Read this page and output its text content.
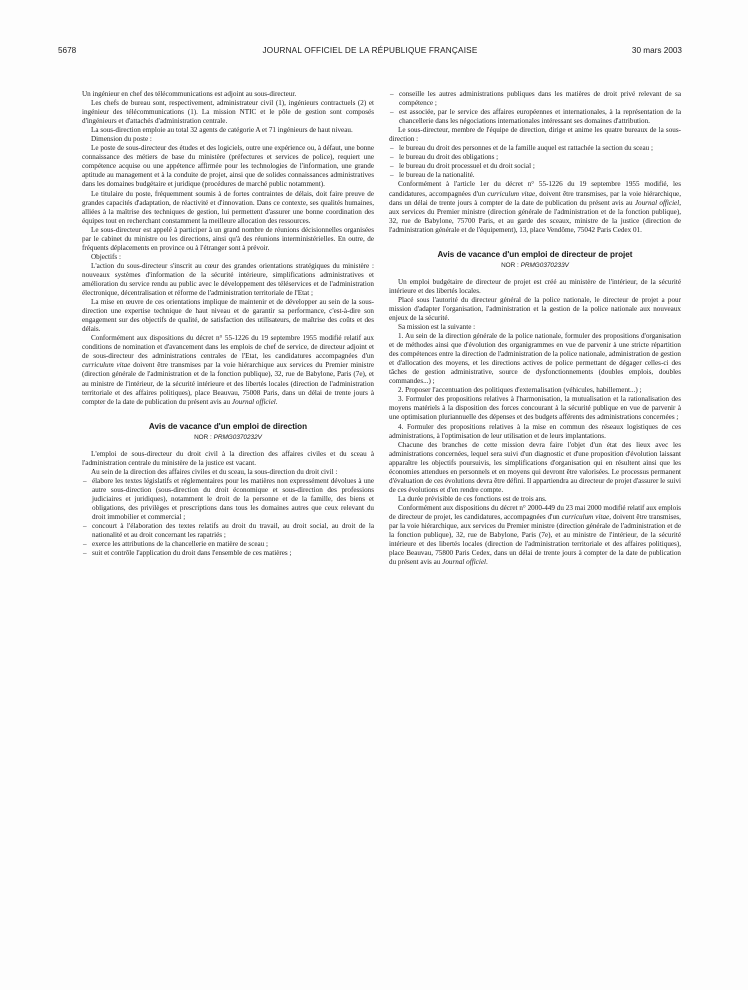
5678	JOURNAL OFFICIEL DE LA RÉPUBLIQUE FRANÇAISE	30 mars 2003

Un ingénieur en chef des télécommunications est adjoint au sous-directeur.

Les chefs de bureau sont, respectivement, administrateur civil (1), ingénieurs contractuels (2) et ingénieur des télécommunications (1). La mission NTIC et le pôle de gestion sont composés d'ingénieurs et d'attachés d'administration centrale.

La sous-direction emploie au total 32 agents de catégorie A et 71 ingénieurs de haut niveau.

Dimension du poste :

Le poste de sous-directeur des études et des logiciels, outre une expérience ou, à défaut, une bonne connaissance des métiers de base du ministère (préfectures et services de police), requiert une compétence acquise ou une appétence affirmée pour les technologies de l'information, une grande aptitude au management et à la conduite de projet, ainsi que de solides connaissances administratives dans les domaines budgétaire et juridique (procédures de marché public notamment).

Le titulaire du poste, fréquemment soumis à de fortes contraintes de délais, doit faire preuve de grandes capacités d'adaptation, de réactivité et d'innovation. Dans ce contexte, ses qualités humaines, alliées à la maîtrise des techniques de gestion, lui permettent d'assurer une bonne coordination des équipes tout en recherchant constamment la meilleure allocation des ressources.

Le sous-directeur est appelé à participer à un grand nombre de réunions décisionnelles organisées par le cabinet du ministre ou les directions, ainsi qu'à des réunions interministérielles. En outre, de fréquents déplacements en province ou à l'étranger sont à prévoir.

Objectifs :

L'action du sous-directeur s'inscrit au cœur des grandes orientations stratégiques du ministère : nouveaux systèmes d'information de la sécurité intérieure, simplifications administratives et amélioration du service rendu au public avec le développement des téléservices et de l'administration électronique, décentralisation et réforme de l'administration territoriale de l'Etat ;

La mise en œuvre de ces orientations implique de maintenir et de développer au sein de la sous-direction une expertise technique de haut niveau et de garantir sa performance, c'est-à-dire son engagement sur des objectifs de qualité, de satisfaction des utilisateurs, de maîtrise des coûts et des délais.

Conformément aux dispositions du décret n° 55-1226 du 19 septembre 1955 modifié relatif aux conditions de nomination et d'avancement dans les emplois de chef de service, de directeur adjoint et de sous-directeur des administrations centrales de l'Etat, les candidatures accompagnées d'un curriculum vitae doivent être transmises par la voie hiérarchique aux services du Premier ministre (direction générale de l'administration et de la fonction publique), 32, rue de Babylone, Paris (7e), et au ministre de l'intérieur, de la sécurité intérieure et des libertés locales (direction de l'administration territoriale et des affaires politiques), place Beauvau, 75008 Paris, dans un délai de trente jours à compter de la date de publication du présent avis au Journal officiel.

Avis de vacance d'un emploi de direction

NOR : PRMG0370232V

L'emploi de sous-directeur du droit civil à la direction des affaires civiles et du sceau à l'administration centrale du ministère de la justice est vacant.

Au sein de la direction des affaires civiles et du sceau, la sous-direction du droit civil :

– élabore les textes législatifs et réglementaires pour les matières non expressément dévolues à une autre sous-direction (sous-direction du droit économique et sous-direction des professions judiciaires et juridiques), notamment le droit de la personne et de la famille, des biens et obligations, des privilèges et prescriptions dans tous les domaines autres que ceux relevant du droit immobilier et commercial ;
– concourt à l'élaboration des textes relatifs au droit du travail, au droit social, au droit de la nationalité et au droit concernant les rapatriés ;
– exerce les attributions de la chancellerie en matière de sceau ;
– suit et contrôle l'application du droit dans l'ensemble de ces matières ;
– conseille les autres administrations publiques dans les matières de droit privé relevant de sa compétence ;
– est associée, par le service des affaires européennes et internationales, à la représentation de la chancellerie dans les négociations internationales intéressant ses domaines d'attribution.

Le sous-directeur, membre de l'équipe de direction, dirige et anime les quatre bureaux de la sous-direction :

– le bureau du droit des personnes et de la famille auquel est rattachée la section du sceau ;
– le bureau du droit des obligations ;
– le bureau du droit processuel et du droit social ;
– le bureau de la nationalité.

Conformément à l'article 1er du décret n° 55-1226 du 19 septembre 1955 modifié, les candidatures, accompagnées d'un curriculum vitae, doivent être transmises, par la voie hiérarchique, dans un délai de trente jours à compter de la date de publication du présent avis au Journal officiel, aux services du Premier ministre (direction générale de l'administration et de la fonction publique), 32, rue de Babylone, 75700 Paris, et au garde des sceaux, ministre de la justice (direction de l'administration générale et de l'équipement), 13, place Vendôme, 75042 Paris Cedex 01.

Avis de vacance d'un emploi de directeur de projet

NOR : PRMG0370233V

Un emploi budgétaire de directeur de projet est créé au ministère de l'intérieur, de la sécurité intérieure et des libertés locales.

Placé sous l'autorité du directeur général de la police nationale, le directeur de projet a pour mission d'adapter l'organisation, l'administration et la gestion de la police nationale aux nouveaux enjeux de la sécurité.

Sa mission est la suivante :

1. Au sein de la direction générale de la police nationale, formuler des propositions d'organisation et de méthodes ainsi que d'évolution des organigrammes en vue de parvenir à une stricte répartition des compétences entre la direction de l'administration de la police nationale, administration de gestion et d'allocation des moyens, et les directions actives de police permettant de dégager celles-ci des tâches de gestion administrative, source de dysfonctionnements (doubles emplois, doubles commandes...) ;

2. Proposer l'accentuation des politiques d'externalisation (véhicules, habillement...) ;

3. Formuler des propositions relatives à l'harmonisation, la mutualisation et la rationalisation des moyens matériels à la disposition des forces concourant à la sécurité publique en vue de parvenir à une optimisation pluriannuelle des dépenses et des budgets afférents des administrations concernées ;

4. Formuler des propositions relatives à la mise en commun des réseaux logistiques de ces administrations, à l'optimisation de leur utilisation et de leurs implantations.

Chacune des branches de cette mission devra faire l'objet d'un état des lieux avec les administrations concernées, lequel sera suivi d'un diagnostic et d'une proposition d'évolution laissant apparaître les objectifs poursuivis, les simplifications d'organisation qui en résultent ainsi que les économies attendues en personnels et en moyens qui devront être valorisées. Le processus permanent d'évaluation de ces évolutions devra être défini. Il appartiendra au directeur de projet d'assurer le suivi de ces évolutions et d'en rendre compte.

La durée prévisible de ces fonctions est de trois ans.

Conformément aux dispositions du décret n° 2000-449 du 23 mai 2000 modifié relatif aux emplois de directeur de projet, les candidatures, accompagnées d'un curriculum vitae, doivent être transmises, par la voie hiérarchique, aux services du Premier ministre (direction générale de l'administration et de la fonction publique), 32, rue de Babylone, Paris (7e), et au ministre de l'intérieur, de la sécurité intérieure et des libertés locales (direction de l'administration territoriale et des affaires politiques), place Beauvau, 75800 Paris Cedex, dans un délai de trente jours à compter de la date de publication du présent avis au Journal officiel.
